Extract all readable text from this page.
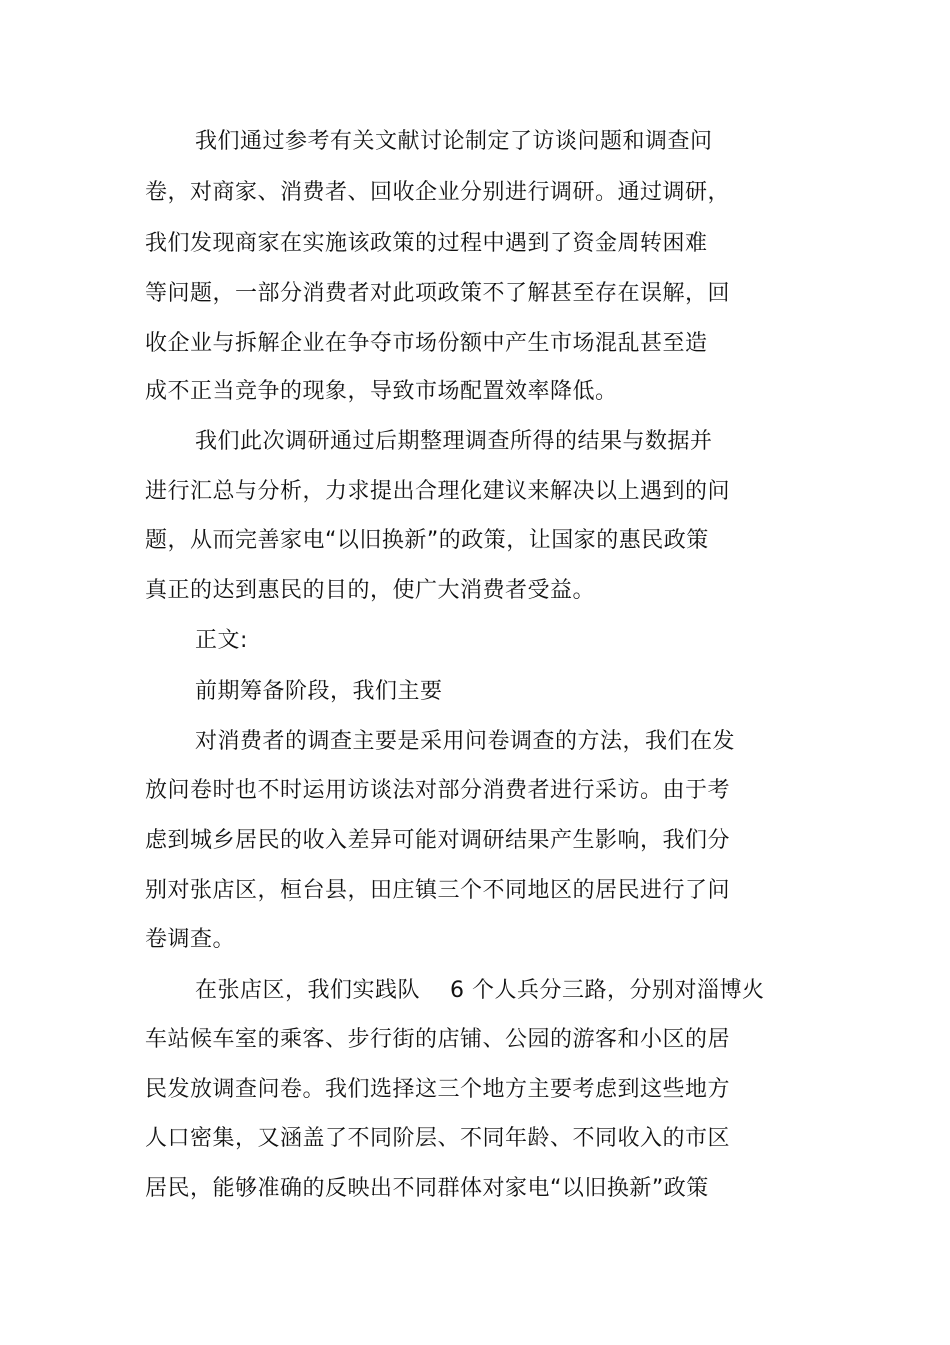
我们通过参考有关文献讨论制定了访谈问题和调查问
卷，对商家、消费者、回收企业分别进行调研。通过调研，
我们发现商家在实施该政策的过程中遇到了资金周转困难
等问题，一部分消费者对此项政策不了解甚至存在误解，回
收企业与拆解企业在争夺市场份额中产生市场混乱甚至造
成不正当竞争的现象，导致市场配置效率降低。
我们此次调研通过后期整理调查所得的结果与数据并
进行汇总与分析，力求提出合理化建议来解决以上遇到的问
题，从而完善家电“以旧换新”的政策，让国家的惠民政策
真正的达到惠民的目的，使广大消费者受益。
正文:
前期筹备阶段，我们主要
对消费者的调查主要是采用问卷调查的方法，我们在发
放问卷时也不时运用访谈法对部分消费者进行采访。由于考
虑到城乡居民的收入差异可能对调研结果产生影响，我们分
别对张店区，桓台县，田庄镇三个不同地区的居民进行了问
卷调查。
在张店区，我们实践队    6 个人兵分三路，分别对淄博火
车站候车室的乘客、步行街的店铺、公园的游客和小区的居
民发放调查问卷。我们选择这三个地方主要考虑到这些地方
人口密集，又涵盖了不同阶层、不同年龄、不同收入的市区
居民，能够准确的反映出不同群体对家电“以旧换新”政策
